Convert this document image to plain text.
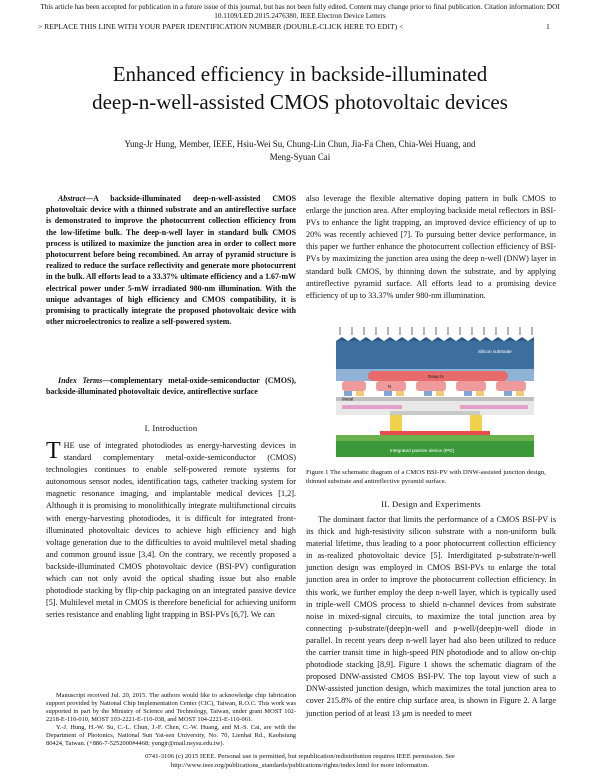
This article has been accepted for publication in a future issue of this journal, but has not been fully edited. Content may change prior to final publication. Citation information: DOI
10.1109/LED.2015.2476380, IEEE Electron Device Letters
> REPLACE THIS LINE WITH YOUR PAPER IDENTIFICATION NUMBER (DOUBLE-CLICK HERE TO EDIT) <	1
Enhanced efficiency in backside-illuminated
deep-n-well-assisted CMOS photovoltaic devices
Yung-Jr Hung, Member, IEEE, Hsiu-Wei Su, Chung-Lin Chun, Jia-Fa Chen, Chia-Wei Huang, and
Meng-Syuan Cai
Abstract—A backside-illuminated deep-n-well-assisted CMOS photovoltaic device with a thinned substrate and an antireflective surface is demonstrated to improve the photocurrent collection efficiency from the low-lifetime bulk. The deep-n-well layer in standard bulk CMOS process is utilized to maximize the junction area in order to collect more photocurrent before being recombined. An array of pyramid structure is realized to reduce the surface reflectivity and generate more photocurrent in the bulk. All efforts lead to a 33.37% ultimate efficiency and a 1.67-mW electrical power under 5-mW irradiated 980-nm illumination. With the unique advantages of high efficiency and CMOS compatibility, it is promising to practically integrate the proposed photovoltaic device with other microelectronics to realize a self-powered system.
Index Terms—complementary metal-oxide-semiconductor (CMOS), backside-illuminated photovoltaic device, antireflective surface
I. Introduction
THE use of integrated photodiodes as energy-harvesting devices in standard complementary metal-oxide-semiconductor (CMOS) technologies continues to enable self-powered remote systems for autonomous sensor nodes, identification tags, catheter tracking system for magnetic resonance imaging, and implantable medical devices [1,2]. Although it is promising to monolithically integrate multifunctional circuits with energy-harvesting photodiodes, it is difficult for integrated front-illuminated photovoltaic devices to achieve high efficiency and high voltage generation due to the difficulties to avoid multilevel metal shading and common ground issue [3,4]. On the contrary, we recently proposed a backside-illuminated CMOS photovoltaic device (BSI-PV) configuration which can not only avoid the optical shading issue but also enable photodiode stacking by flip-chip packaging on an integrated passive device [5]. Multilevel metal in CMOS is therefore beneficial for achieving uniform series resistance and enabling light trapping in BSI-PVs [6,7]. We can
Manuscript received Jul. 20, 2015. The authors would like to acknowledge chip fabrication support provided by National Chip Implementation Center (CIC), Taiwan, R.O.C. This work was supported in part by the Ministry of Science and Technology, Taiwan, under grant MOST 102-2218-E-110-010, MOST 103-2221-E-110-038, and MOST 104-2221-E-110-061.
Y.-J. Hung, H.-W. Su, C.-L. Chun, J.-F. Chen, C.-W. Huang, and M.-S. Cai, are with the Department of Photonics, National Sun Yat-sen University, No. 70, Lienhai Rd., Kaohsiung 80424, Taiwan. (+886-7-5252000#4468; yungjr@mail.nsysu.edu.tw).
also leverage the flexible alternative doping pattern in bulk CMOS to enlarge the junction area. After employing backside metal reflectors in BSI-PVs to enhance the light trapping, an improved device efficiency of up to 20% was recently achieved [7]. To pursuing better device performance, in this paper we further enhance the photocurrent collection efficiency of BSI-PVs by maximizing the junction area using the deep n-well (DNW) layer in standard bulk CMOS, by thinning down the substrate, and by applying antireflective pyramid surface. All efforts lead to a promising device efficiency of up to 33.37% under 980-nm illumination.
Silicon substrate
Deep N
N
Metal
Integrated passive device (IPD)
Figure 1 The schematic diagram of a CMOS BSI-PV with DNW-assisted junction design, thinned substrate and antireflective pyramid surface.
II. Design and Experiments
The dominant factor that limits the performance of a CMOS BSI-PV is its thick and high-resistivity silicon substrate with a non-uniform bulk material lifetime, thus leading to a poor photocurrent collection efficiency in as-realized photovoltaic device [5]. Interdigitated p-substrate/n-well junction design was employed in CMOS BSI-PVs to enlarge the total junction area in order to improve the photocurrent collection efficiency. In this work, we further employ the deep n-well layer, which is typically used in triple-well CMOS process to shield n-channel devices from substrate noise in mixed-signal circuits, to maximize the total junction area by connecting p-substrate/(deep)n-well and p-well/(deep)n-well diode in parallel. In recent years deep n-well layer had also been utilized to reduce the carrier transit time in high-speed PIN photodiode and to allow on-chip photodiode stacking [8,9]. Figure 1 shows the schematic diagram of the proposed DNW-assisted CMOS BSI-PV. The top layout view of such a DNW-assisted junction design, which maximizes the total junction area to cover 215.8% of the entire chip surface area, is shown in Figure 2. A large junction period of at least 13 μm is needed to meet
0741-3106 (c) 2015 IEEE. Personal use is permitted, but republication/redistribution requires IEEE permission. See
http://www.ieee.org/publications_standards/publications/rights/index.html for more information.
